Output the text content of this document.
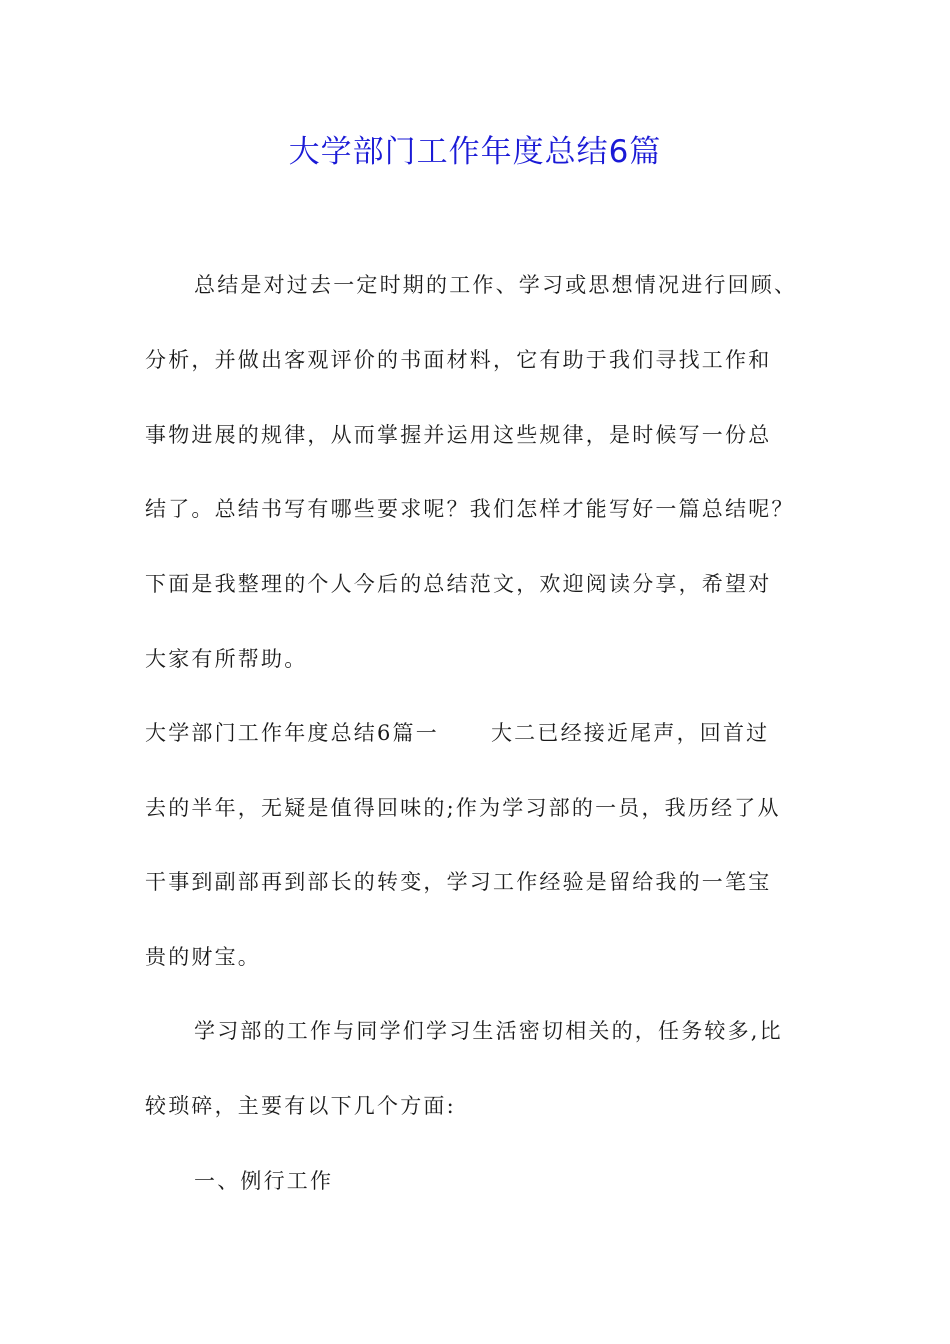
大学部门工作年度总结6篇

总结是对过去一定时期的工作、学习或思想情况进行回顾、

分析，并做出客观评价的书面材料，它有助于我们寻找工作和

事物进展的规律，从而掌握并运用这些规律，是时候写一份总

结了。总结书写有哪些要求呢？我们怎样才能写好一篇总结呢？

下面是我整理的个人今后的总结范文，欢迎阅读分享，希望对

大家有所帮助。

大学部门工作年度总结6篇一 大二已经接近尾声，回首过

去的半年，无疑是值得回味的;作为学习部的一员，我历经了从

干事到副部再到部长的转变，学习工作经验是留给我的一笔宝

贵的财宝。

学习部的工作与同学们学习生活密切相关的，任务较多,比

较琐碎，主要有以下几个方面:

一、例行工作
